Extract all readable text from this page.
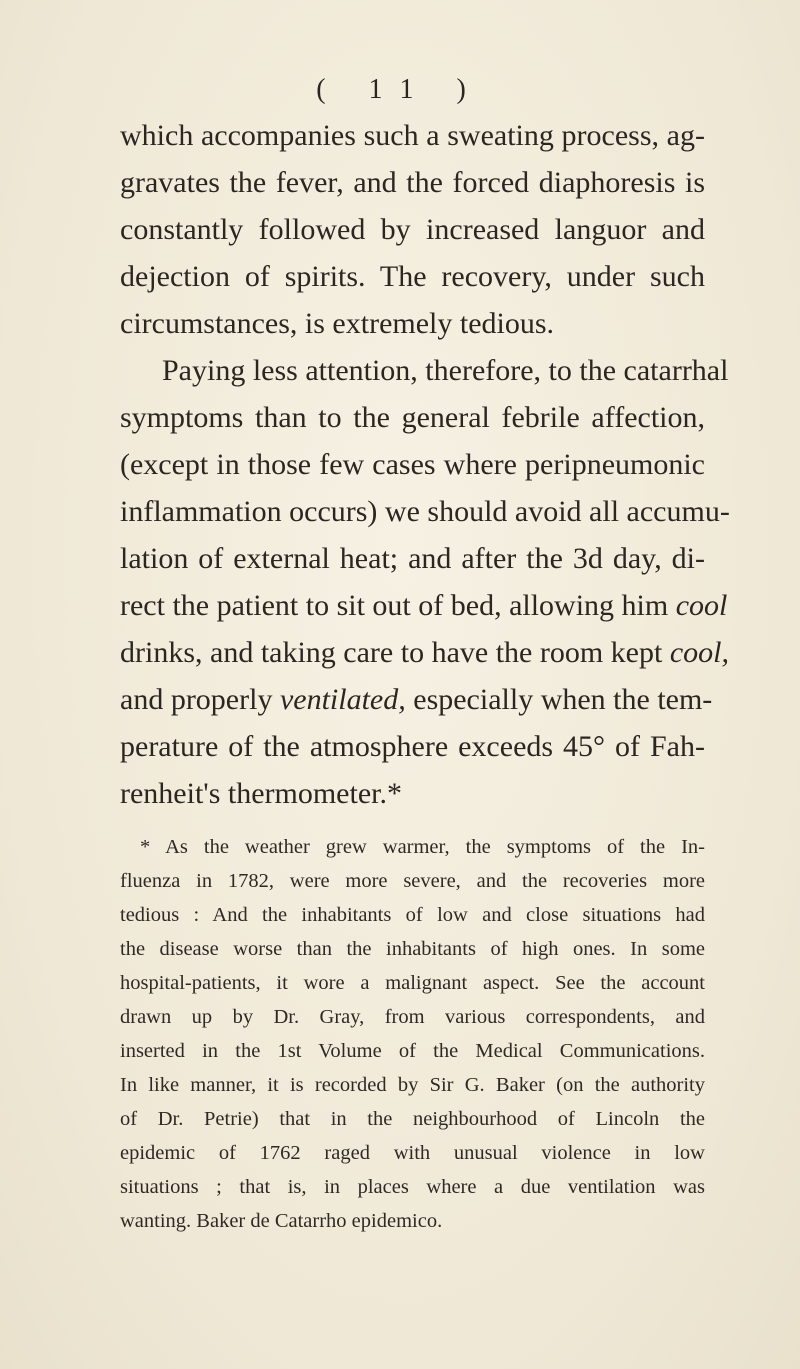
( 11 )
which accompanies such a sweating process, ag-
gravates the fever, and the forced diaphoresis is
constantly followed by increased languor and
dejection of spirits. The recovery, under such
circumstances, is extremely tedious.
Paying less attention, therefore, to the catarrhal
symptoms than to the general febrile affection,
(except in those few cases where peripneumonic
inflammation occurs) we should avoid all accumu-
lation of external heat; and after the 3d day, di-
rect the patient to sit out of bed, allowing him cool
drinks, and taking care to have the room kept cool,
and properly ventilated, especially when the tem-
perature of the atmosphere exceeds 45° of Fah-
renheit's thermometer.*
* As the weather grew warmer, the symptoms of the In-
fluenza in 1782, were more severe, and the recoveries more
tedious : And the inhabitants of low and close situations had
the disease worse than the inhabitants of high ones. In some
hospital-patients, it wore a malignant aspect. See the account
drawn up by Dr. Gray, from various correspondents, and
inserted in the 1st Volume of the Medical Communications.
In like manner, it is recorded by Sir G. Baker (on the authority
of Dr. Petrie) that in the neighbourhood of Lincoln the
epidemic of 1762 raged with unusual violence in low
situations ; that is, in places where a due ventilation was
wanting. Baker de Catarrho epidemico.
